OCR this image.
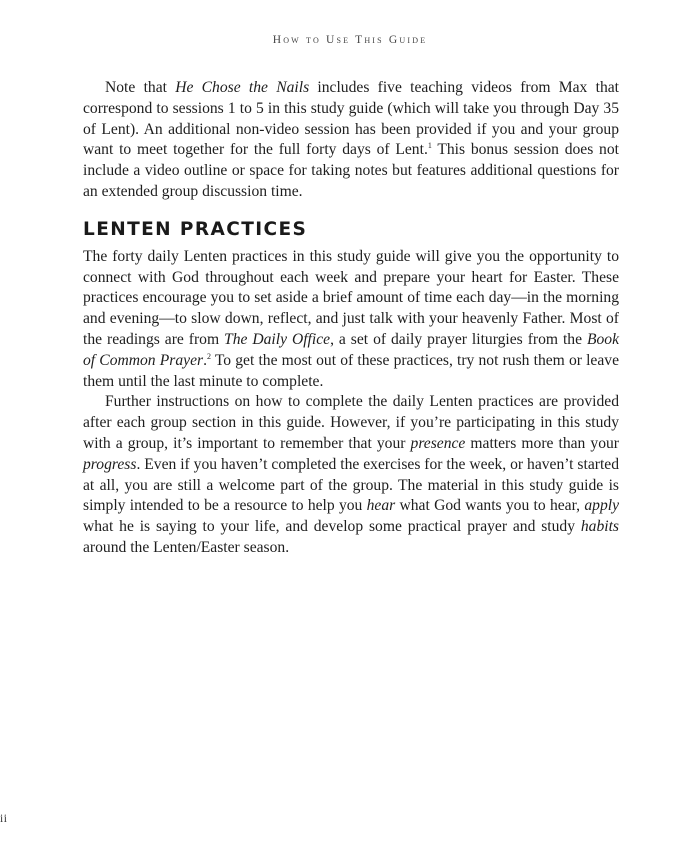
How to Use This Guide

Note that He Chose the Nails includes five teaching videos from Max that correspond to sessions 1 to 5 in this study guide (which will take you through Day 35 of Lent). An additional non-video session has been provided if you and your group want to meet together for the full forty days of Lent.$^1$ This bonus session does not include a video outline or space for taking notes but features additional questions for an extended group discussion time.

LENTEN PRACTICES

The forty daily Lenten practices in this study guide will give you the opportunity to connect with God throughout each week and prepare your heart for Easter. These practices encourage you to set aside a brief amount of time each day—in the morning and evening—to slow down, reflect, and just talk with your heavenly Father. Most of the readings are from The Daily Office, a set of daily prayer liturgies from the Book of Common Prayer.$^2$ To get the most out of these practices, try not rush them or leave them until the last minute to complete.

Further instructions on how to complete the daily Lenten practices are provided after each group section in this guide. However, if you’re participating in this study with a group, it’s important to remember that your presence matters more than your progress. Even if you haven’t completed the exercises for the week, or haven’t started at all, you are still a welcome part of the group. The material in this study guide is simply intended to be a resource to help you hear what God wants you to hear, apply what he is saying to your life, and develop some practical prayer and study habits around the Lenten/Easter season.

ii
